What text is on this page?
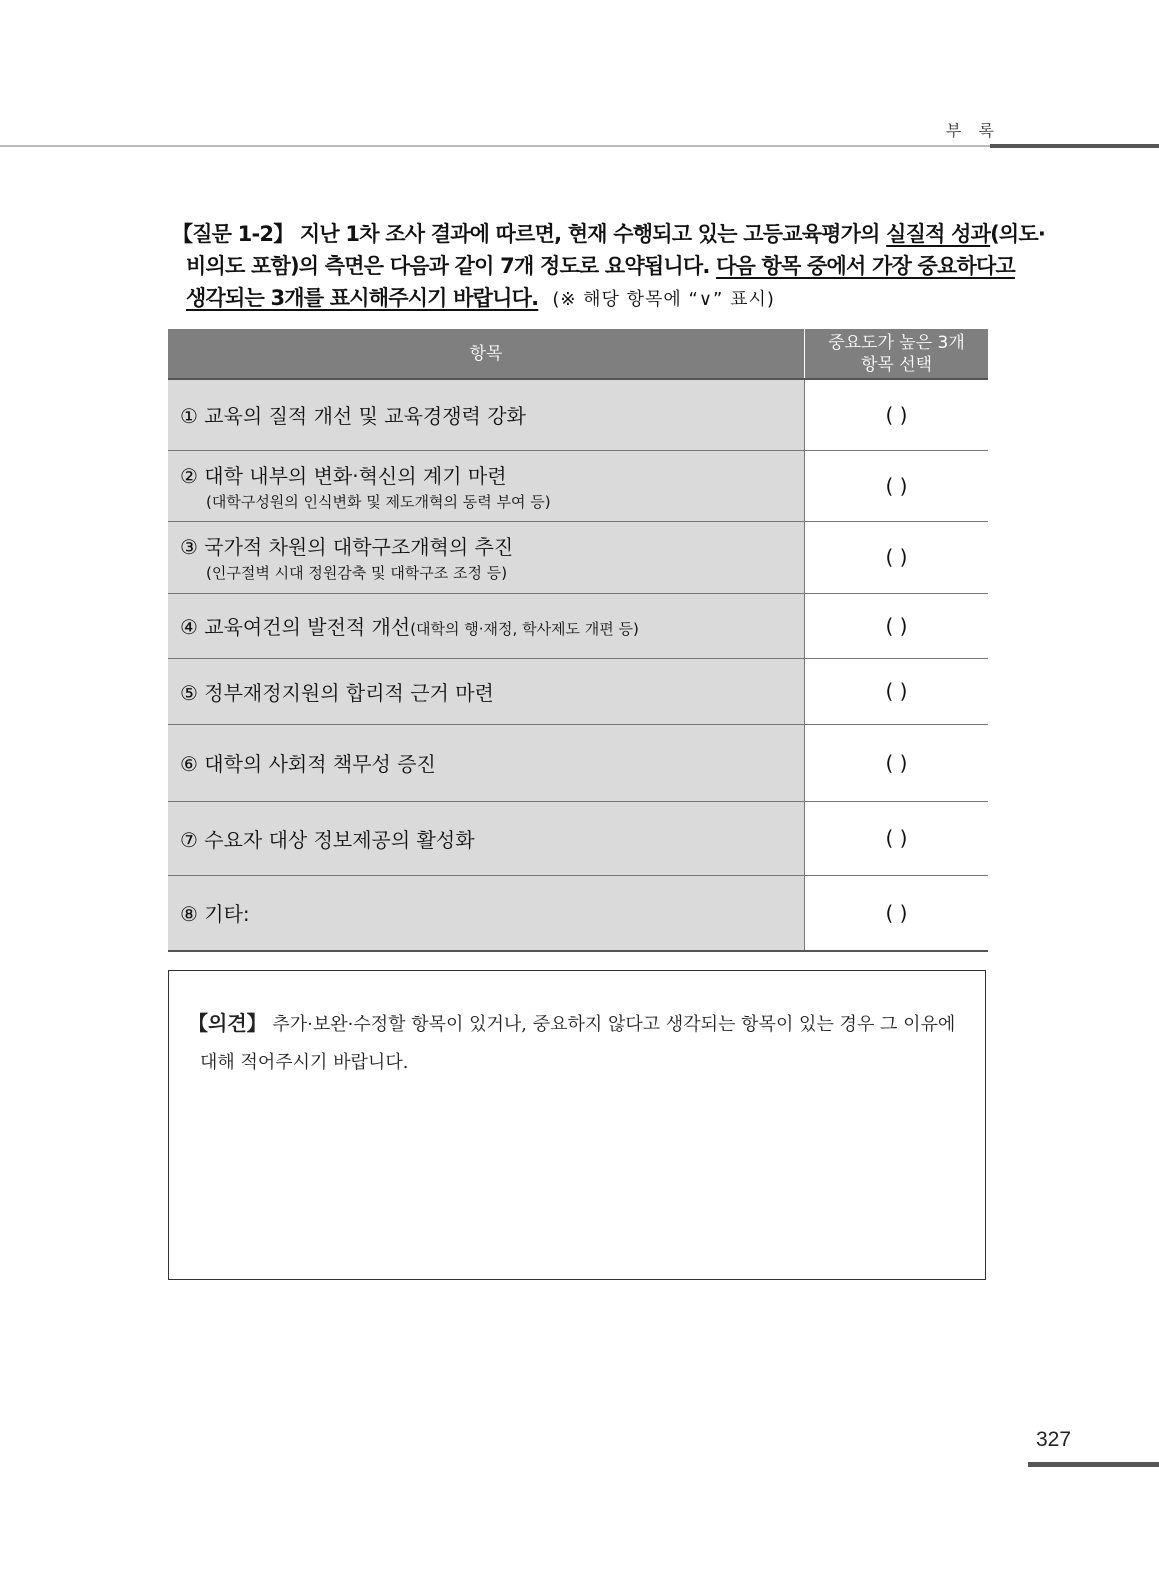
부 록
【질문 1-2】 지난 1차 조사 결과에 따르면, 현재 수행되고 있는 고등교육평가의 실질적 성과(의도·
비의도 포함)의 측면은 다음과 같이 7개 정도로 요약됩니다. 다음 항목 중에서 가장 중요하다고
생각되는 3개를 표시해주시기 바랍니다. (※ 해당 항목에 “∨” 표시)
항목	중요도가 높은 3개
항목 선택
① 교육의 질적 개선 및 교육경쟁력 강화	( )
② 대학 내부의 변화·혁신의 계기 마련
(대학구성원의 인식변화 및 제도개혁의 동력 부여 등)	( )
③ 국가적 차원의 대학구조개혁의 추진
(인구절벽 시대 정원감축 및 대학구조 조정 등)	( )
④ 교육여건의 발전적 개선(대학의 행·재정, 학사제도 개편 등)	( )
⑤ 정부재정지원의 합리적 근거 마련	( )
⑥ 대학의 사회적 책무성 증진	( )
⑦ 수요자 대상 정보제공의 활성화	( )
⑧ 기타:	( )
【의견】 추가·보완·수정할 항목이 있거나, 중요하지 않다고 생각되는 항목이 있는 경우 그 이유에
대해 적어주시기 바랍니다.
327
